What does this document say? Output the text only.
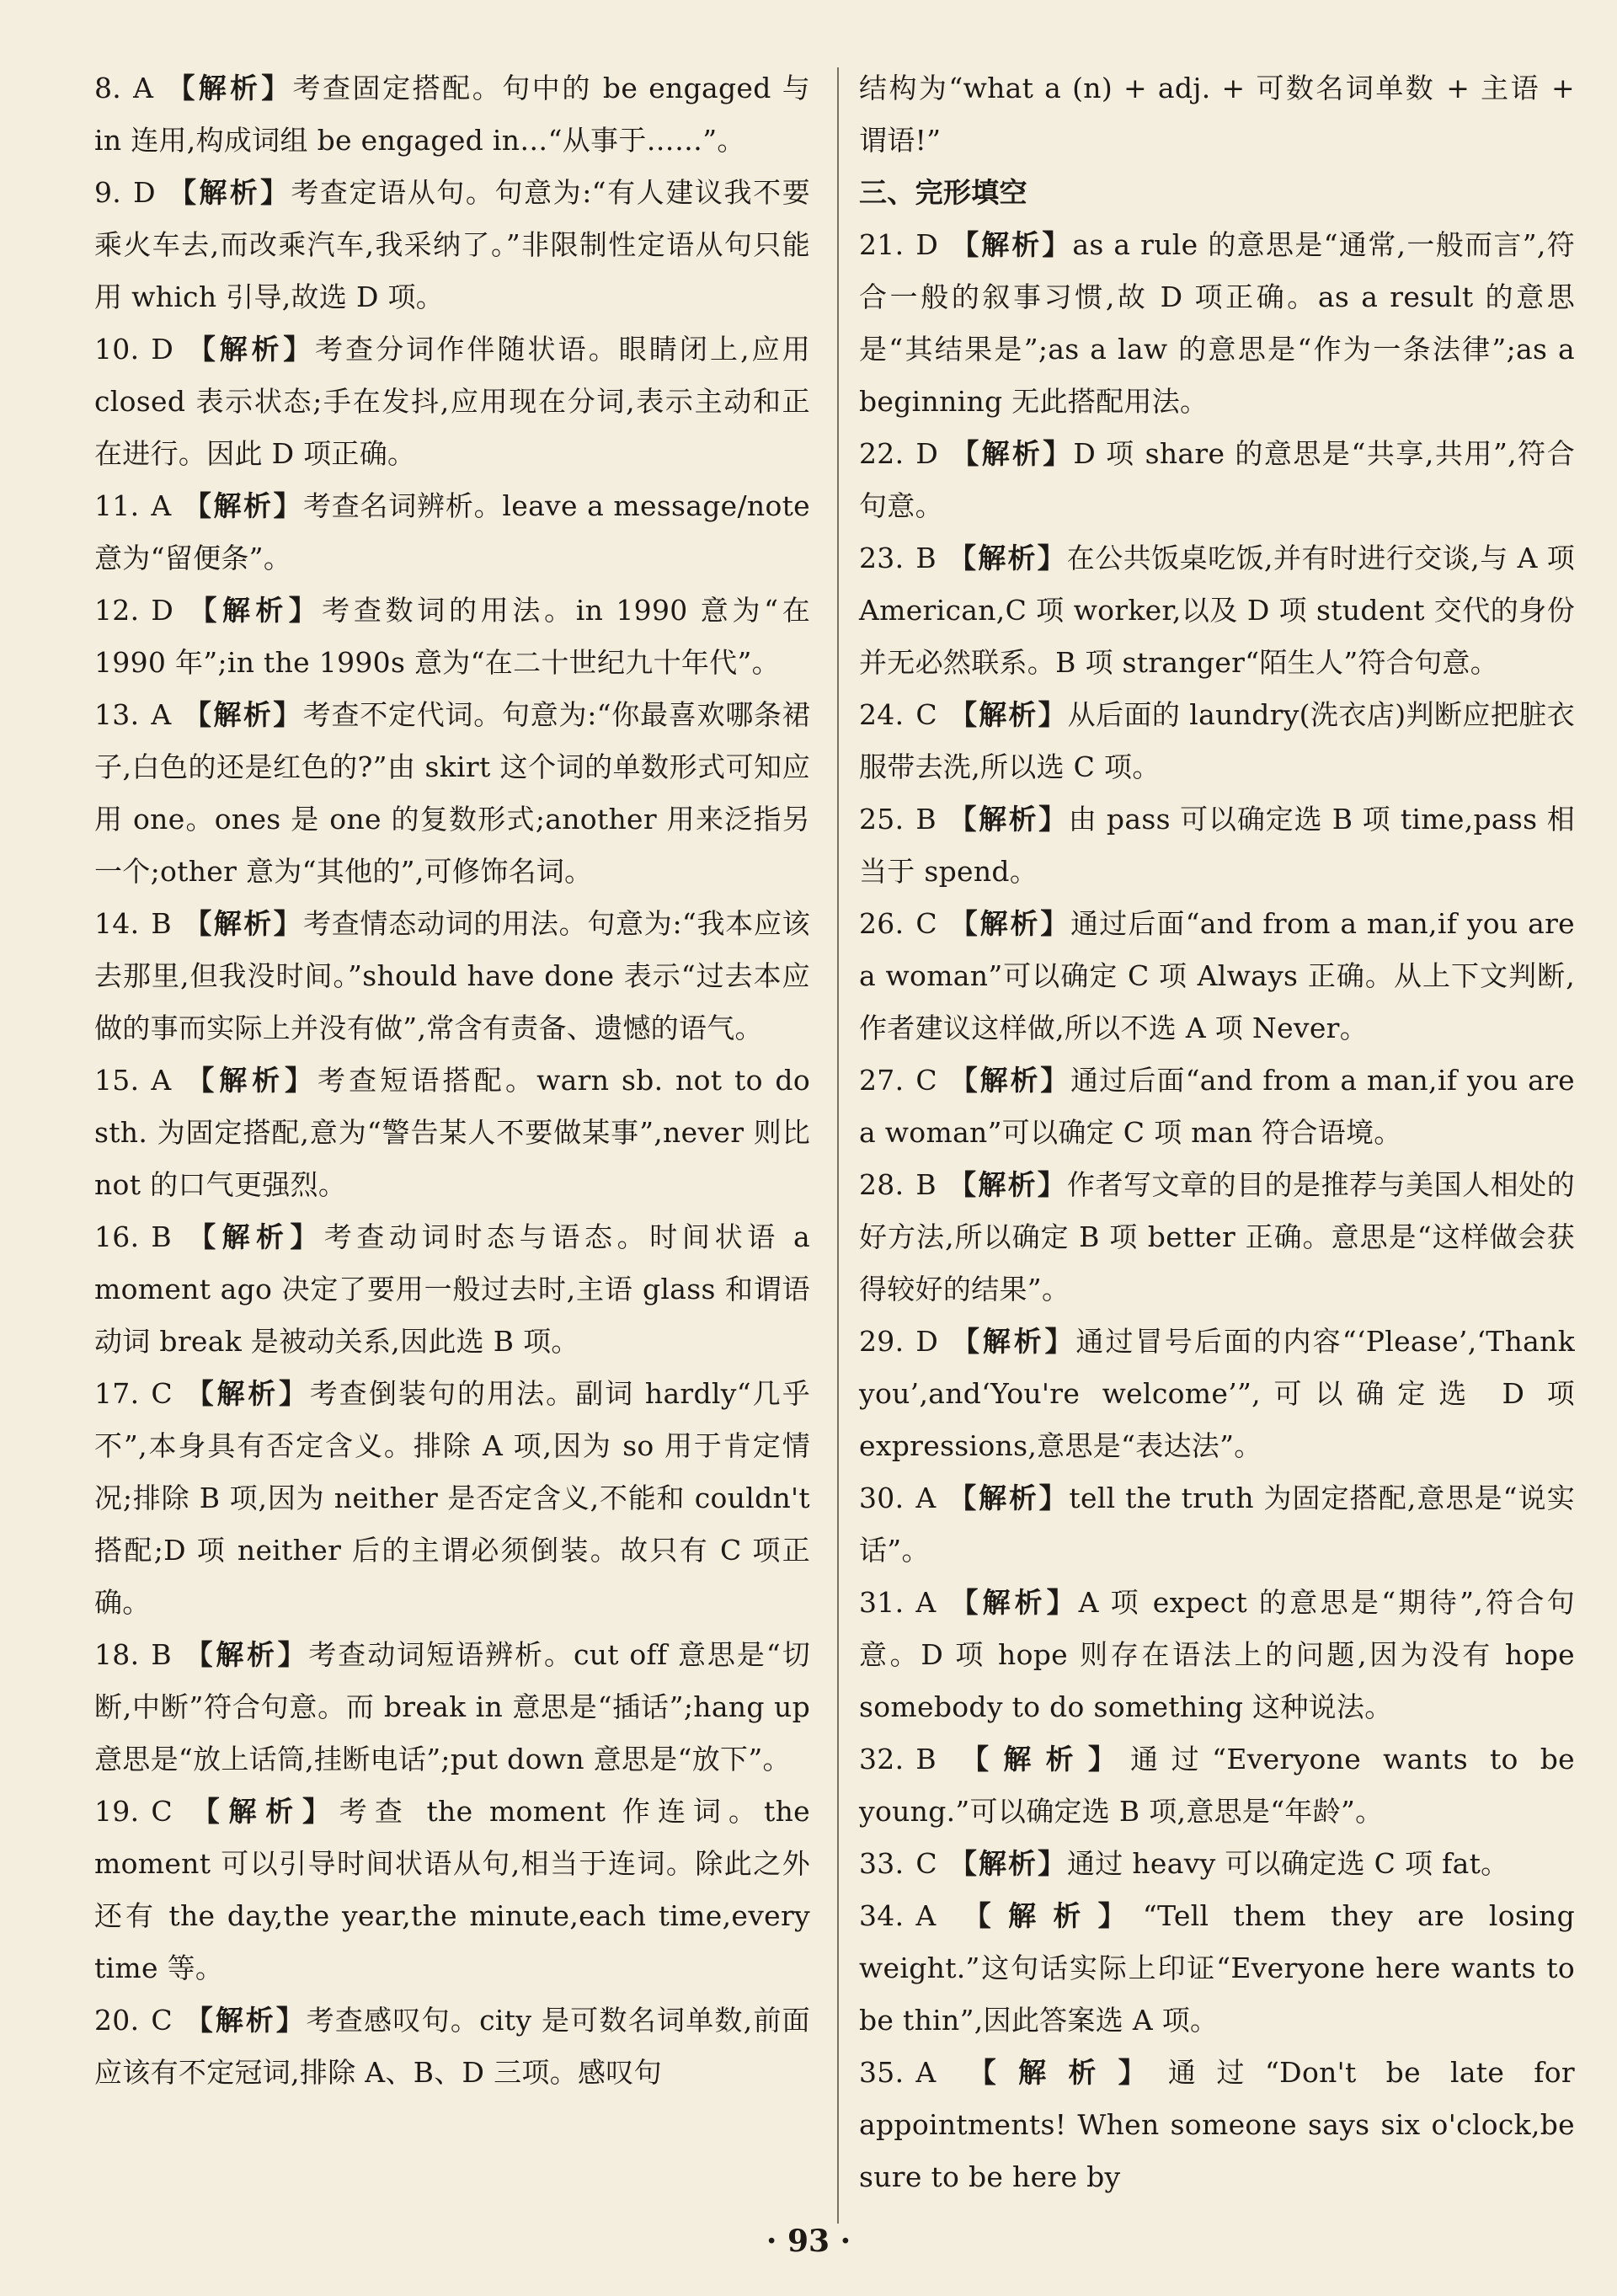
8. A 【解析】考查固定搭配。句中的 be engaged 与 in 连用,构成词组 be engaged in…“从事于……”。

9. D 【解析】考查定语从句。句意为:“有人建议我不要乘火车去,而改乘汽车,我采纳了。”非限制性定语从句只能用 which 引导,故选 D 项。

10. D 【解析】考查分词作伴随状语。眼睛闭上,应用 closed 表示状态;手在发抖,应用现在分词,表示主动和正在进行。因此 D 项正确。

11. A 【解析】考查名词辨析。leave a message/note 意为“留便条”。

12. D 【解析】考查数词的用法。in 1990 意为“在 1990 年”;in the 1990s 意为“在二十世纪九十年代”。

13. A 【解析】考查不定代词。句意为:“你最喜欢哪条裙子,白色的还是红色的?”由 skirt 这个词的单数形式可知应用 one。ones 是 one 的复数形式;another 用来泛指另一个;other 意为“其他的”,可修饰名词。

14. B 【解析】考查情态动词的用法。句意为:“我本应该去那里,但我没时间。”should have done 表示“过去本应做的事而实际上并没有做”,常含有责备、遗憾的语气。

15. A 【解析】考查短语搭配。warn sb. not to do sth. 为固定搭配,意为“警告某人不要做某事”,never 则比 not 的口气更强烈。

16. B 【解析】考查动词时态与语态。时间状语 a moment ago 决定了要用一般过去时,主语 glass 和谓语动词 break 是被动关系,因此选 B 项。

17. C 【解析】考查倒装句的用法。副词 hardly“几乎不”,本身具有否定含义。排除 A 项,因为 so 用于肯定情况;排除 B 项,因为 neither 是否定含义,不能和 couldn't 搭配;D 项 neither 后的主谓必须倒装。故只有 C 项正确。

18. B 【解析】考查动词短语辨析。cut off 意思是“切断,中断”符合句意。而 break in 意思是“插话”;hang up 意思是“放上话筒,挂断电话”;put down 意思是“放下”。

19. C 【解析】考查 the moment 作连词。the moment 可以引导时间状语从句,相当于连词。除此之外还有 the day,the year,the minute,each time,every time 等。

20. C 【解析】考查感叹句。city 是可数名词单数,前面应该有不定冠词,排除 A、B、D 三项。感叹句

结构为“what a (n) + adj. + 可数名词单数 + 主语 + 谓语!”

三、完形填空

21. D 【解析】as a rule 的意思是“通常,一般而言”,符合一般的叙事习惯,故 D 项正确。as a result 的意思是“其结果是”;as a law 的意思是“作为一条法律”;as a beginning 无此搭配用法。

22. D 【解析】D 项 share 的意思是“共享,共用”,符合句意。

23. B 【解析】在公共饭桌吃饭,并有时进行交谈,与 A 项 American,C 项 worker,以及 D 项 student 交代的身份并无必然联系。B 项 stranger“陌生人”符合句意。

24. C 【解析】从后面的 laundry(洗衣店)判断应把脏衣服带去洗,所以选 C 项。

25. B 【解析】由 pass 可以确定选 B 项 time,pass 相当于 spend。

26. C 【解析】通过后面“and from a man,if you are a woman”可以确定 C 项 Always 正确。从上下文判断,作者建议这样做,所以不选 A 项 Never。

27. C 【解析】通过后面“and from a man,if you are a woman”可以确定 C 项 man 符合语境。

28. B 【解析】作者写文章的目的是推荐与美国人相处的好方法,所以确定 B 项 better 正确。意思是“这样做会获得较好的结果”。

29. D 【解析】通过冒号后面的内容“‘Please’,‘Thank you’,and‘You're welcome’”,可以确定选 D 项 expressions,意思是“表达法”。

30. A 【解析】tell the truth 为固定搭配,意思是“说实话”。

31. A 【解析】A 项 expect 的意思是“期待”,符合句意。D 项 hope 则存在语法上的问题,因为没有 hope somebody to do something 这种说法。

32. B 【解析】通过“Everyone wants to be young.”可以确定选 B 项,意思是“年龄”。

33. C 【解析】通过 heavy 可以确定选 C 项 fat。

34. A 【解析】“Tell them they are losing weight.”这句话实际上印证“Everyone here wants to be thin”,因此答案选 A 项。

35. A 【解析】通过“Don't be late for appointments! When someone says six o'clock,be sure to be here by

· 93 ·
